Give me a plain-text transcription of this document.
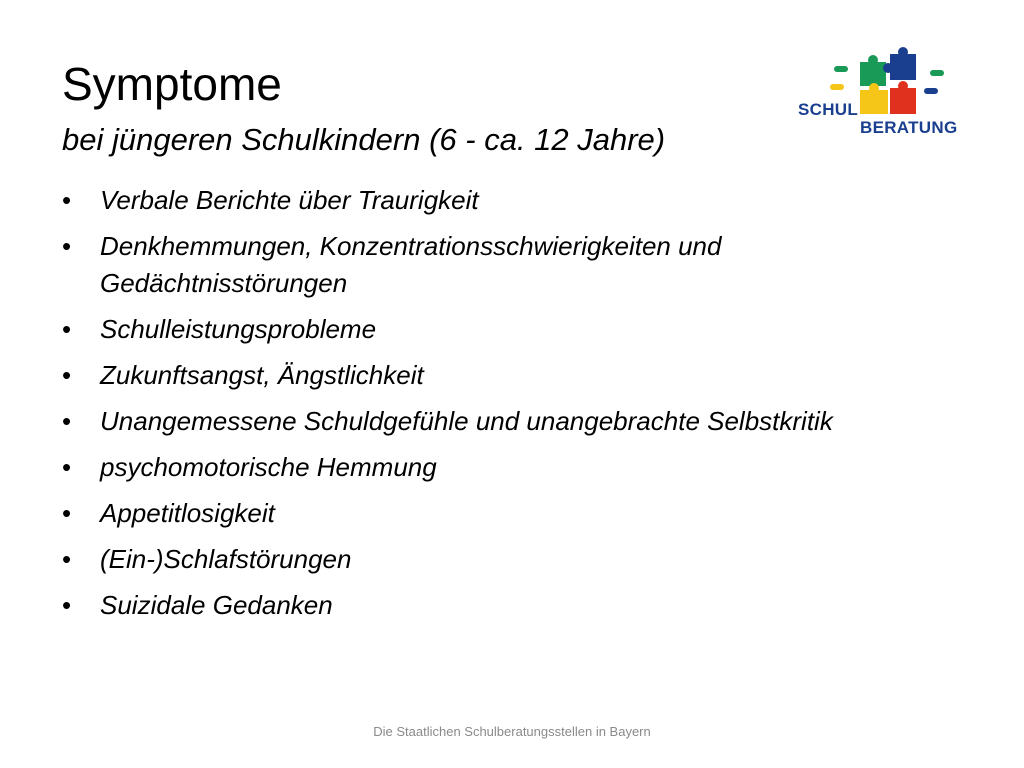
Symptome
bei jüngeren Schulkindern (6 - ca. 12 Jahre)
SCHUL
BERATUNG
• Verbale Berichte über Traurigkeit
• Denkhemmungen, Konzentrationsschwierigkeiten und Gedächtnisstörungen
• Schulleistungsprobleme
• Zukunftsangst, Ängstlichkeit
• Unangemessene Schuldgefühle und unangebrachte Selbstkritik
• psychomotorische Hemmung
• Appetitlosigkeit
• (Ein-)Schlafstörungen
• Suizidale Gedanken
Die Staatlichen Schulberatungsstellen in Bayern
